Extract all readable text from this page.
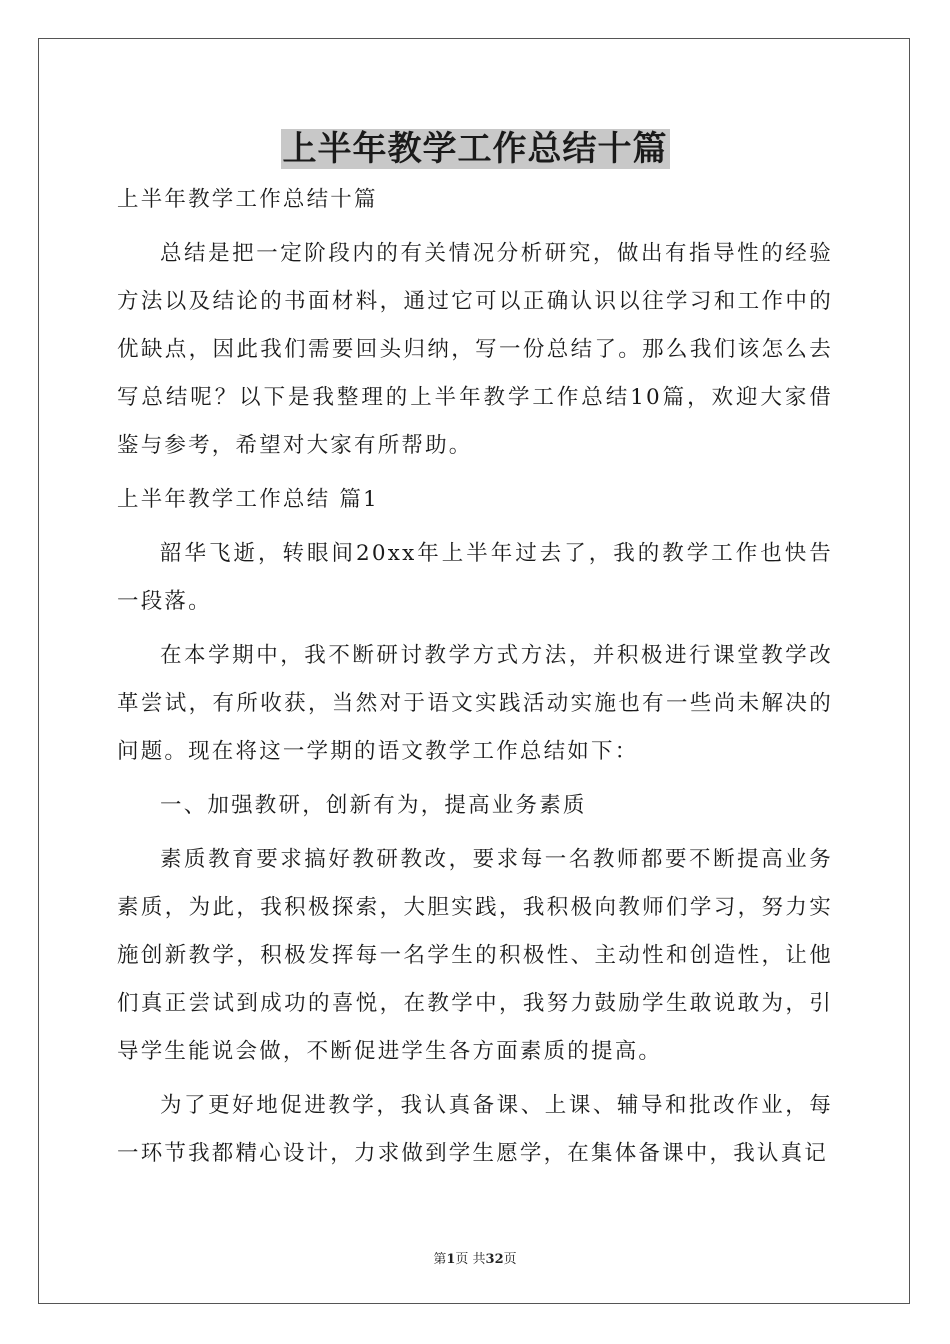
上半年教学工作总结十篇

上半年教学工作总结十篇

总结是把一定阶段内的有关情况分析研究，做出有指导性的经验方法以及结论的书面材料，通过它可以正确认识以往学习和工作中的优缺点，因此我们需要回头归纳，写一份总结了。那么我们该怎么去写总结呢？以下是我整理的上半年教学工作总结10篇，欢迎大家借鉴与参考，希望对大家有所帮助。

上半年教学工作总结 篇1

韶华飞逝，转眼间20xx年上半年过去了，我的教学工作也快告一段落。

在本学期中，我不断研讨教学方式方法，并积极进行课堂教学改革尝试，有所收获，当然对于语文实践活动实施也有一些尚未解决的问题。现在将这一学期的语文教学工作总结如下：

一、加强教研，创新有为，提高业务素质

素质教育要求搞好教研教改，要求每一名教师都要不断提高业务素质，为此，我积极探索，大胆实践，我积极向教师们学习，努力实施创新教学，积极发挥每一名学生的积极性、主动性和创造性，让他们真正尝试到成功的喜悦，在教学中，我努力鼓励学生敢说敢为，引导学生能说会做，不断促进学生各方面素质的提高。

为了更好地促进教学，我认真备课、上课、辅导和批改作业，每一环节我都精心设计，力求做到学生愿学，在集体备课中，我认真记

第1页 共32页
